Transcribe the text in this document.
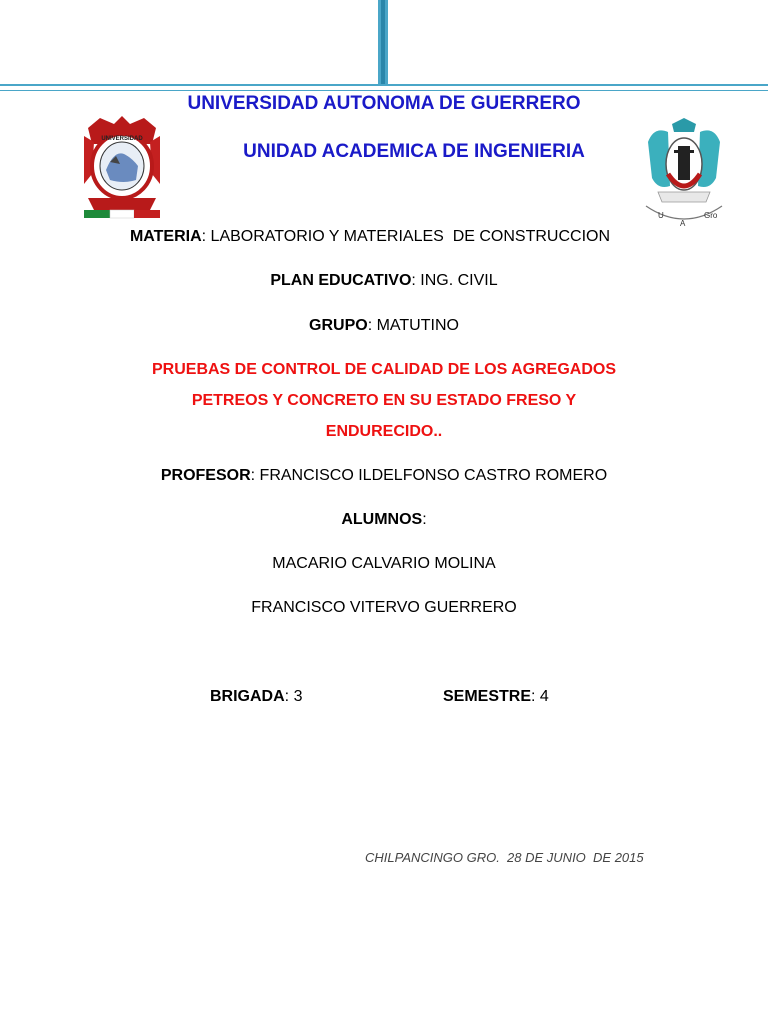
UNIVERSIDAD AUTONOMA DE GUERRERO
UNIVERSIDAD
UNIDAD ACADEMICA DE INGENIERIA
U
A
Gro
MATERIA: LABORATORIO Y MATERIALES  DE CONSTRUCCION
PLAN EDUCATIVO: ING. CIVIL
GRUPO: MATUTINO
PRUEBAS DE CONTROL DE CALIDAD DE LOS AGREGADOS
PETREOS Y CONCRETO EN SU ESTADO FRESO Y
ENDURECIDO..
PROFESOR: FRANCISCO ILDELFONSO CASTRO ROMERO
ALUMNOS:
MACARIO CALVARIO MOLINA
FRANCISCO VITERVO GUERRERO
BRIGADA: 3	SEMESTRE: 4
CHILPANCINGO GRO.  28 DE JUNIO  DE 2015
